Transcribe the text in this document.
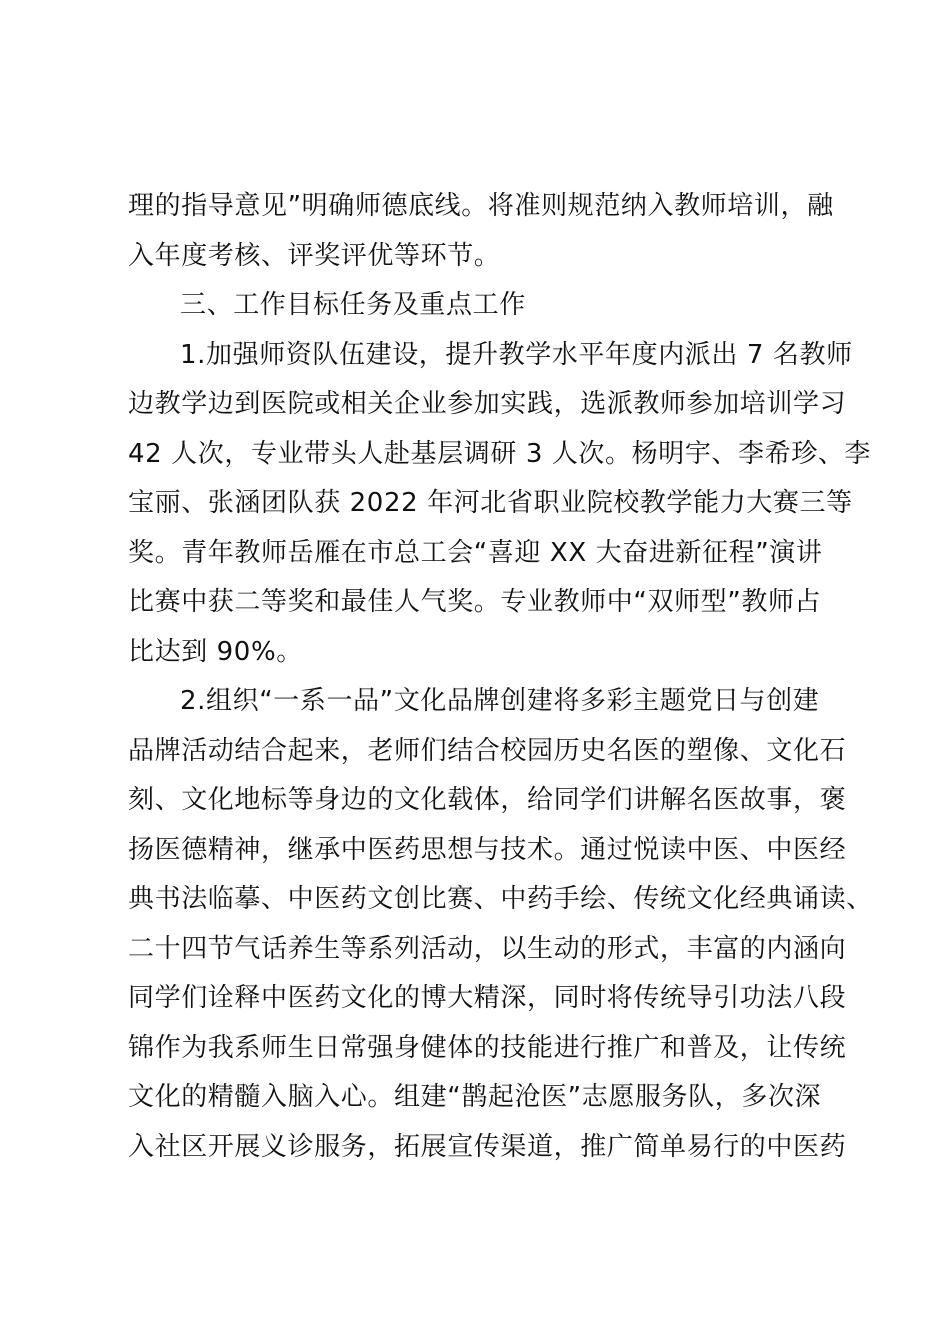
理的指导意见”明确师德底线。将准则规范纳入教师培训，融
入年度考核、评奖评优等环节。
三、工作目标任务及重点工作
1.加强师资队伍建设，提升教学水平年度内派出 7 名教师
边教学边到医院或相关企业参加实践，选派教师参加培训学习
42 人次，专业带头人赴基层调研 3 人次。杨明宇、李希珍、李
宝丽、张涵团队获 2022 年河北省职业院校教学能力大赛三等
奖。青年教师岳雁在市总工会“喜迎 XX 大奋进新征程”演讲
比赛中获二等奖和最佳人气奖。专业教师中“双师型”教师占
比达到 90%。
2.组织“一系一品”文化品牌创建将多彩主题党日与创建
品牌活动结合起来，老师们结合校园历史名医的塑像、文化石
刻、文化地标等身边的文化载体，给同学们讲解名医故事，褒
扬医德精神，继承中医药思想与技术。通过悦读中医、中医经
典书法临摹、中医药文创比赛、中药手绘、传统文化经典诵读、
二十四节气话养生等系列活动，以生动的形式，丰富的内涵向
同学们诠释中医药文化的博大精深，同时将传统导引功法八段
锦作为我系师生日常强身健体的技能进行推广和普及，让传统
文化的精髓入脑入心。组建“鹊起沧医”志愿服务队，多次深
入社区开展义诊服务，拓展宣传渠道，推广简单易行的中医药
